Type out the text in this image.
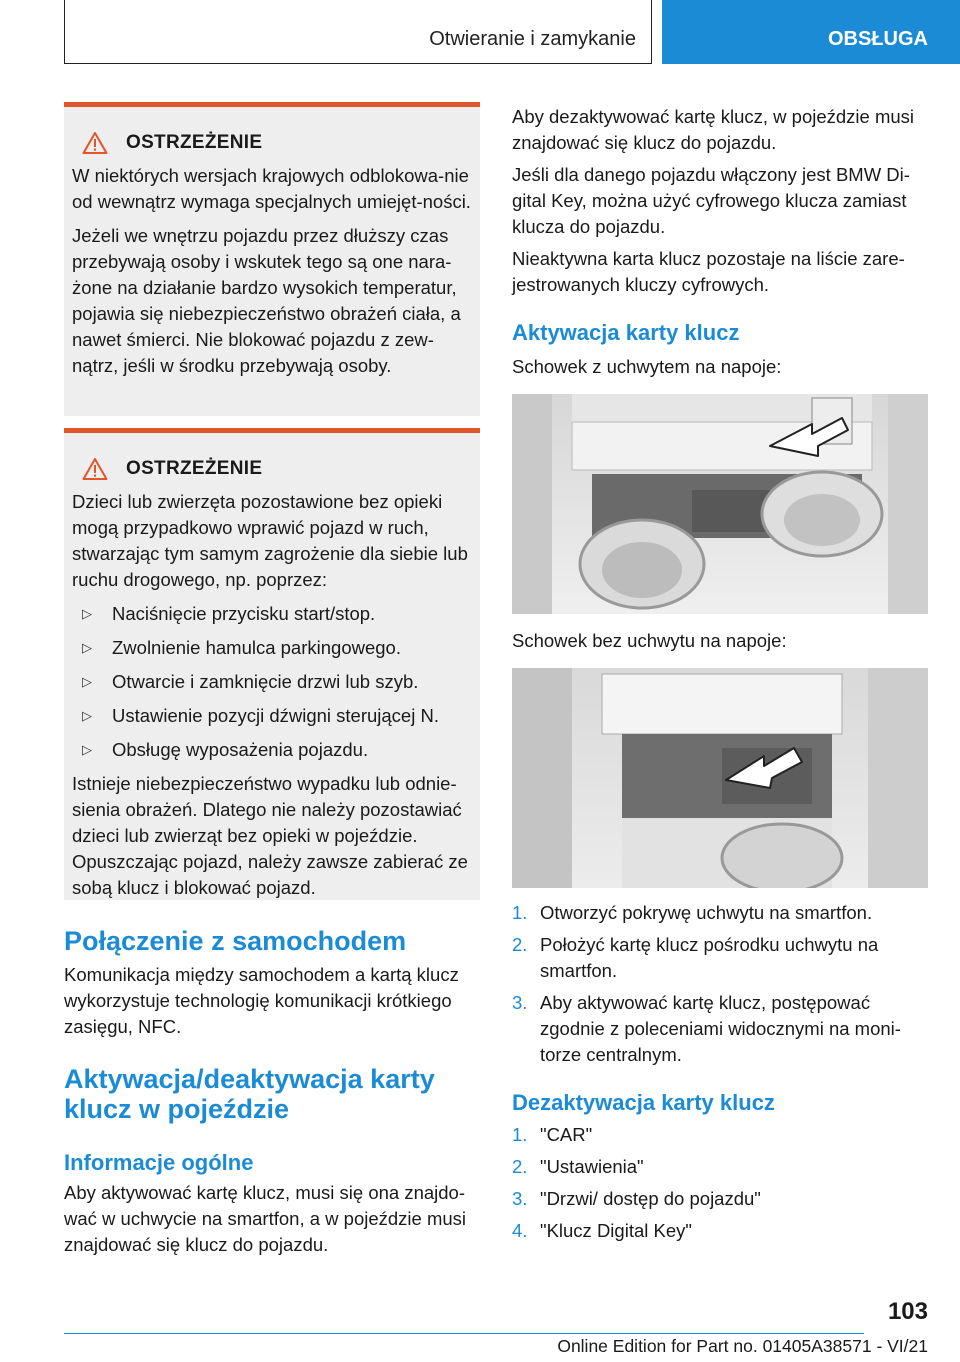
Otwieranie i zamykanie	OBSŁUGA
OSTRZEŻENIE

W niektórych wersjach krajowych odblokowa-nie od wewnątrz wymaga specjalnych umiejęt-ności.

Jeżeli we wnętrzu pojazdu przez dłuższy czas przebywają osoby i wskutek tego są one nara-żone na działanie bardzo wysokich temperatur, pojawia się niebezpieczeństwo obrażeń ciała, a nawet śmierci. Nie blokować pojazdu z zew-nątrz, jeśli w środku przebywają osoby.

OSTRZEŻENIE

Dzieci lub zwierzęta pozostawione bez opieki mogą przypadkowo wprawić pojazd w ruch, stwarzając tym samym zagrożenie dla siebie lub ruchu drogowego, np. poprzez:

▷	Naciśnięcie przycisku start/stop.
▷	Zwolnienie hamulca parkingowego.
▷	Otwarcie i zamknięcie drzwi lub szyb.
▷	Ustawienie pozycji dźwigni sterującej N.
▷	Obsługę wyposażenia pojazdu.

Istnieje niebezpieczeństwo wypadku lub odnie-sienia obrażeń. Dlatego nie należy pozostawiać dzieci lub zwierząt bez opieki w pojeździe. Opuszczając pojazd, należy zawsze zabierać ze sobą klucz i blokować pojazd.

Połączenie z samochodem
Komunikacja między samochodem a kartą klucz wykorzystuje technologię komunikacji krótkiego zasięgu, NFC.
Aktywacja/deaktywacja karty klucz w pojeździe
Informacje ogólne
Aby aktywować kartę klucz, musi się ona znajdo-wać w uchwycie na smartfon, a w pojeździe musi znajdować się klucz do pojazdu.
Aby dezaktywować kartę klucz, w pojeździe musi znajdować się klucz do pojazdu.
Jeśli dla danego pojazdu włączony jest BMW Di-gital Key, można użyć cyfrowego klucza zamiast klucza do pojazdu.
Nieaktywna karta klucz pozostaje na liście zare-jestrowanych kluczy cyfrowych.
Aktywacja karty klucz
Schowek z uchwytem na napoje:
Schowek bez uchwytu na napoje:
1. Otworzyć pokrywę uchwytu na smartfon.
2. Położyć kartę klucz pośrodku uchwytu na smartfon.
3. Aby aktywować kartę klucz, postępować zgodnie z poleceniami widocznymi na moni-torze centralnym.
Dezaktywacja karty klucz
1. "CAR"
2. "Ustawienia"
3. "Drzwi/ dostęp do pojazdu"
4. "Klucz Digital Key"
103
Online Edition for Part no. 01405A38571 - VI/21
